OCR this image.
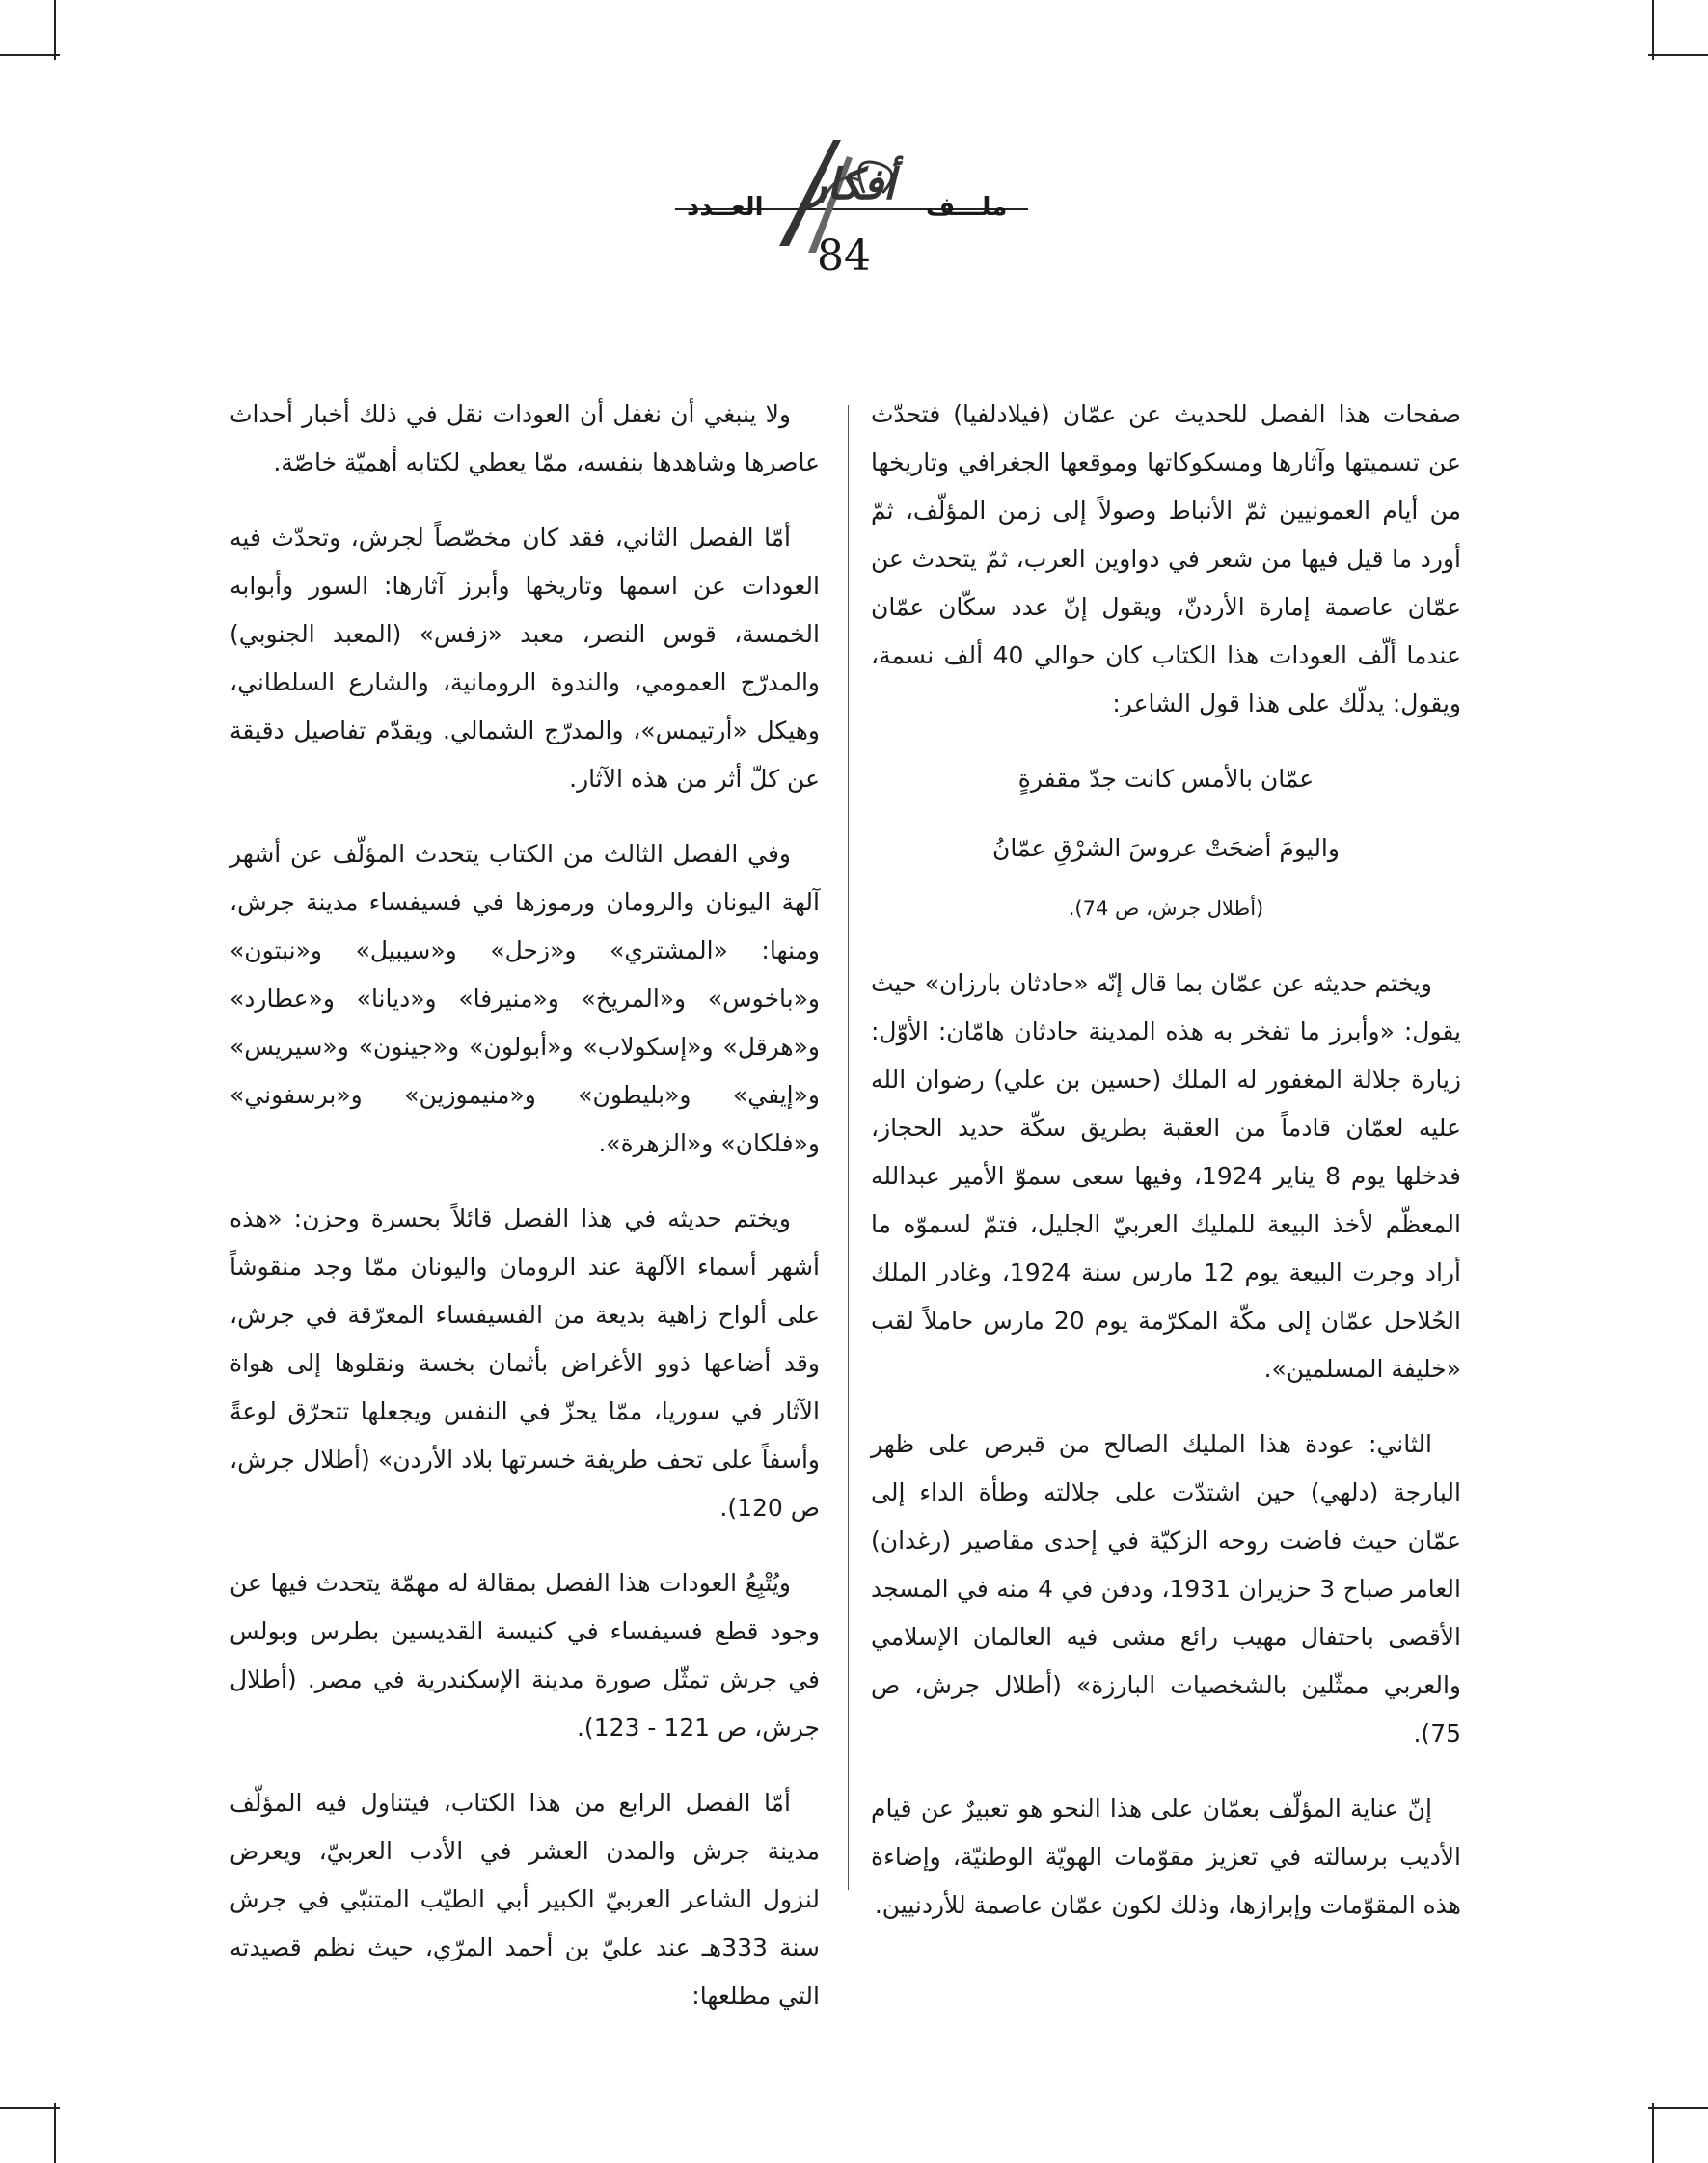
أفكار
العــدد	ملـــف
84

صفحات هذا الفصل للحديث عن عمّان (فيلادلفيا) فتحدّث عن تسميتها وآثارها ومسكوكاتها وموقعها الجغرافي وتاريخها من أيام العمونيين ثمّ الأنباط وصولاً إلى زمن المؤلّف، ثمّ أورد ما قيل فيها من شعر في دواوين العرب، ثمّ يتحدث عن عمّان عاصمة إمارة الأردنّ، ويقول إنّ عدد سكّان عمّان عندما ألّف العودات هذا الكتاب كان حوالي 40 ألف نسمة، ويقول: يدلّك على هذا قول الشاعر:

عمّان بالأمس كانت جدّ مقفرةٍ
واليومَ أضحَتْ عروسَ الشرْقِ عمّانُ
(أطلال جرش، ص 74).

ويختم حديثه عن عمّان بما قال إنّه «حادثان بارزان» حيث يقول: «وأبرز ما تفخر به هذه المدينة حادثان هامّان: الأوّل: زيارة جلالة المغفور له الملك (حسين بن علي) رضوان الله عليه لعمّان قادماً من العقبة بطريق سكّة حديد الحجاز، فدخلها يوم 8 يناير 1924، وفيها سعى سموّ الأمير عبدالله المعظّم لأخذ البيعة للمليك العربيّ الجليل، فتمّ لسموّه ما أراد وجرت البيعة يوم 12 مارس سنة 1924، وغادر الملك الحُلاحل عمّان إلى مكّة المكرّمة يوم 20 مارس حاملاً لقب «خليفة المسلمين».

الثاني: عودة هذا المليك الصالح من قبرص على ظهر البارجة (دلهي) حين اشتدّت على جلالته وطأة الداء إلى عمّان حيث فاضت روحه الزكيّة في إحدى مقاصير (رغدان) العامر صباح 3 حزيران 1931، ودفن في 4 منه في المسجد الأقصى باحتفال مهيب رائع مشى فيه العالمان الإسلامي والعربي ممثّلين بالشخصيات البارزة» (أطلال جرش، ص 75).

إنّ عناية المؤلّف بعمّان على هذا النحو هو تعبيرٌ عن قيام الأديب برسالته في تعزيز مقوّمات الهويّة الوطنيّة، وإضاءة هذه المقوّمات وإبرازها، وذلك لكون عمّان عاصمة للأردنيين.

ولا ينبغي أن نغفل أن العودات نقل في ذلك أخبار أحداث عاصرها وشاهدها بنفسه، ممّا يعطي لكتابه أهميّة خاصّة.

أمّا الفصل الثاني، فقد كان مخصّصاً لجرش، وتحدّث فيه العودات عن اسمها وتاريخها وأبرز آثارها: السور وأبوابه الخمسة، قوس النصر، معبد «زفس» (المعبد الجنوبي) والمدرّج العمومي، والندوة الرومانية، والشارع السلطاني، وهيكل «أرتيمس»، والمدرّج الشمالي. ويقدّم تفاصيل دقيقة عن كلّ أثر من هذه الآثار.

وفي الفصل الثالث من الكتاب يتحدث المؤلّف عن أشهر آلهة اليونان والرومان ورموزها في فسيفساء مدينة جرش، ومنها: «المشتري» و«زحل» و«سيبيل» و«نبتون» و«باخوس» و«المريخ» و«منيرفا» و«ديانا» و«عطارد» و«هرقل» و«إسكولاب» و«أبولون» و«جينون» و«سيريس» و«إيفي» و«بليطون» و«منيموزين» و«برسفوني» و«فلكان» و«الزهرة».

ويختم حديثه في هذا الفصل قائلاً بحسرة وحزن: «هذه أشهر أسماء الآلهة عند الرومان واليونان ممّا وجد منقوشاً على ألواح زاهية بديعة من الفسيفساء المعرّقة في جرش، وقد أضاعها ذوو الأغراض بأثمان بخسة ونقلوها إلى هواة الآثار في سوريا، ممّا يحزّ في النفس ويجعلها تتحرّق لوعةً وأسفاً على تحف طريفة خسرتها بلاد الأردن» (أطلال جرش، ص 120).

ويُتْبِعُ العودات هذا الفصل بمقالة له مهمّة يتحدث فيها عن وجود قطع فسيفساء في كنيسة القديسين بطرس وبولس في جرش تمثّل صورة مدينة الإسكندرية في مصر. (أطلال جرش، ص 121 - 123).

أمّا الفصل الرابع من هذا الكتاب، فيتناول فيه المؤلّف مدينة جرش والمدن العشر في الأدب العربيّ، ويعرض لنزول الشاعر العربيّ الكبير أبي الطيّب المتنبّي في جرش سنة 333هـ عند عليّ بن أحمد المرّي، حيث نظم قصيدته التي مطلعها:
